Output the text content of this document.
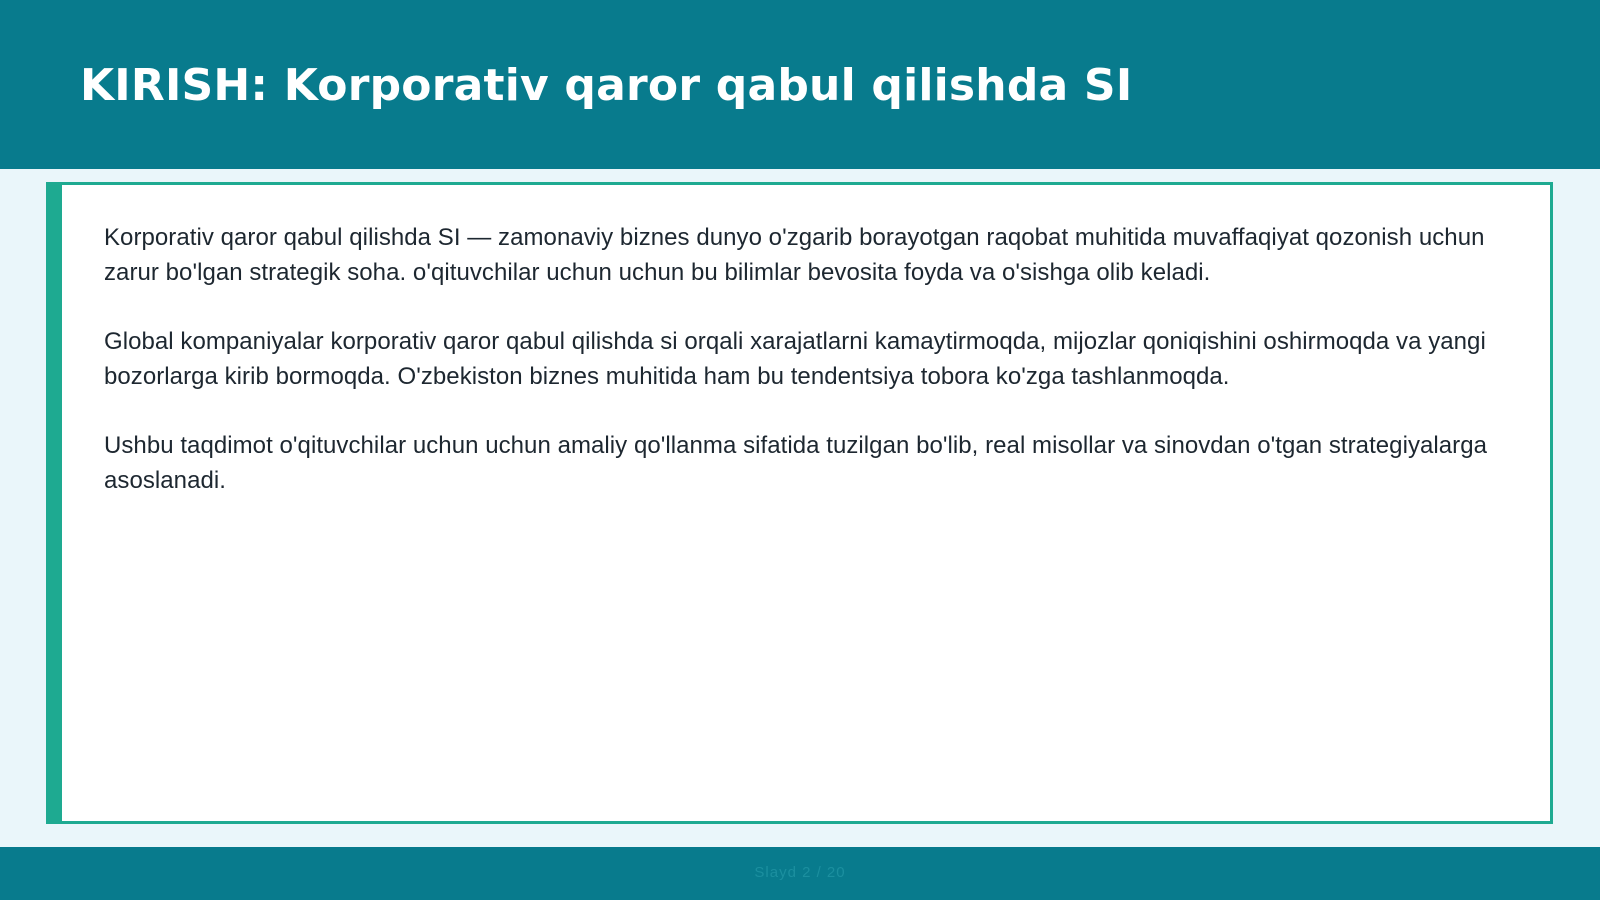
KIRISH: Korporativ qaror qabul qilishda SI

Korporativ qaror qabul qilishda SI — zamonaviy biznes dunyo o'zgarib borayotgan raqobat muhitida muvaffaqiyat qozonish uchun zarur bo'lgan strategik soha. o'qituvchilar uchun uchun bu bilimlar bevosita foyda va o'sishga olib keladi.

Global kompaniyalar korporativ qaror qabul qilishda si orqali xarajatlarni kamaytirmoqda, mijozlar qoniqishini oshirmoqda va yangi bozorlarga kirib bormoqda. O'zbekiston biznes muhitida ham bu tendentsiya tobora ko'zga tashlanmoqda.

Ushbu taqdimot o'qituvchilar uchun uchun amaliy qo'llanma sifatida tuzilgan bo'lib, real misollar va sinovdan o'tgan strategiyalarga asoslanadi.

Slayd 2 / 20
